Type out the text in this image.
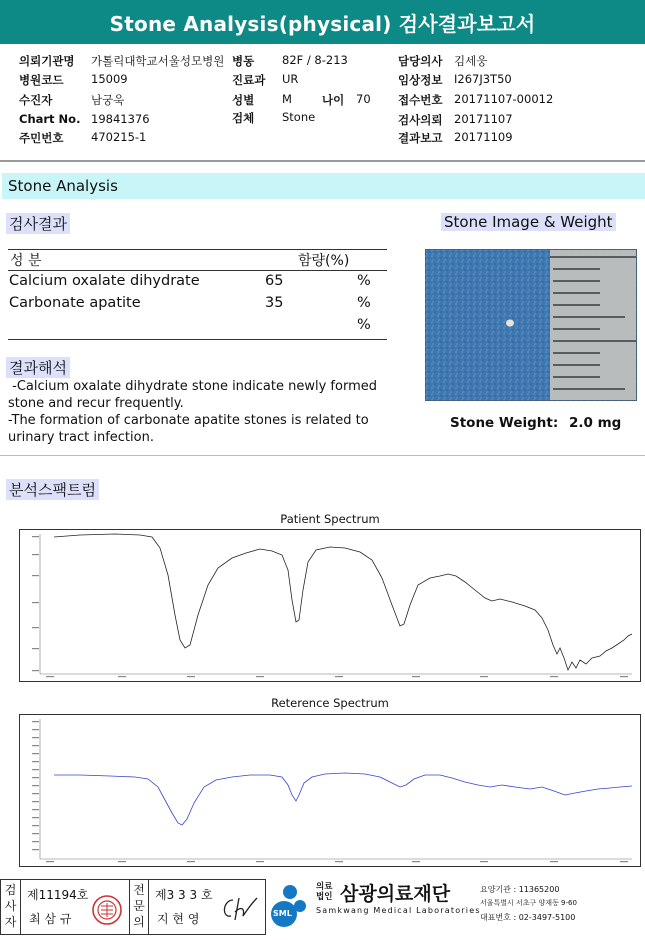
Stone Analysis(physical) 검사결과보고서
의뢰기관명 가톨릭대학교서울성모병원 병동 82F / 8-213	담당의사 김세웅
병원코드 15009	진료과 UR	임상정보 I267J3T50
수진자	남궁욱	성별 M	나이 70 접수번호 20171107-00012
Chart No. 19841376	검체 Stone	검사의뢰 20171107
주민번호 470215-1	결과보고 20171109
Stone Analysis
검사결과
성 분	함량(%)
Calcium oxalate dihydrate	65	%
Carbonate apatite	35	%
%
Stone Image & Weight
Stone Weight: 2.0 mg
결과해석
-Calcium oxalate dihydrate stone indicate newly formed
stone and recur frequently.
-The formation of carbonate apatite stones is related to
urinary tract infection.
분석스팩트럼
Patient Spectrum
Reterence Spectrum
검사자
제11194호
최 삼 규
전문의
제3 3 3 호
지 현 영	SML
의료법인 삼광의료재단
Samkwang Medical Laboratories
요양기관 : 11365200
서울특별시 서초구 양재동 9-60
대표번호 : 02-3497-5100
